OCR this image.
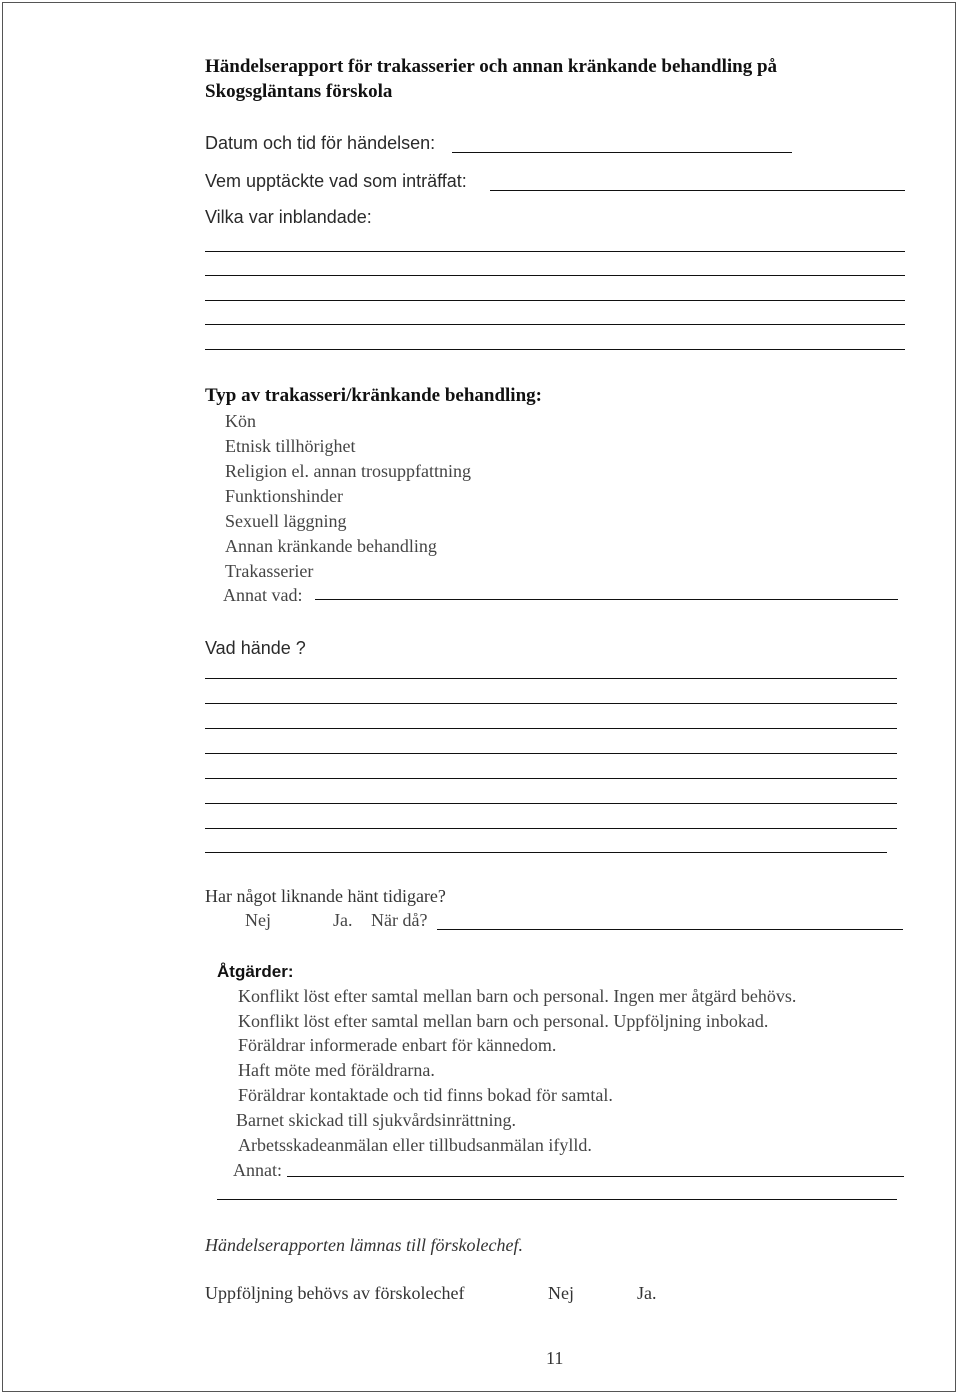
Händelserapport för trakasserier och annan kränkande behandling på
Skogsgläntans förskola
Datum och tid för händelsen:
Vem upptäckte vad som inträffat:
Vilka var inblandade:
Typ av trakasseri/kränkande behandling:
Kön
Etnisk tillhörighet
Religion el. annan trosuppfattning
Funktionshinder
Sexuell läggning
Annan kränkande behandling
Trakasserier
Annat vad:
Vad hände ?
Har något liknande hänt tidigare?
Nej	Ja. När då?
Åtgärder:
Konflikt löst efter samtal mellan barn och personal. Ingen mer åtgärd behövs.
Konflikt löst efter samtal mellan barn och personal. Uppföljning inbokad.
Föräldrar informerade enbart för kännedom.
Haft möte med föräldrarna.
Föräldrar kontaktade och tid finns bokad för samtal.
Barnet skickad till sjukvårdsinrättning.
Arbetsskadeanmälan eller tillbudsanmälan ifylld.
Annat:
Händelserapporten lämnas till förskolechef.
Uppföljning behövs av förskolechef	Nej	Ja.
11
